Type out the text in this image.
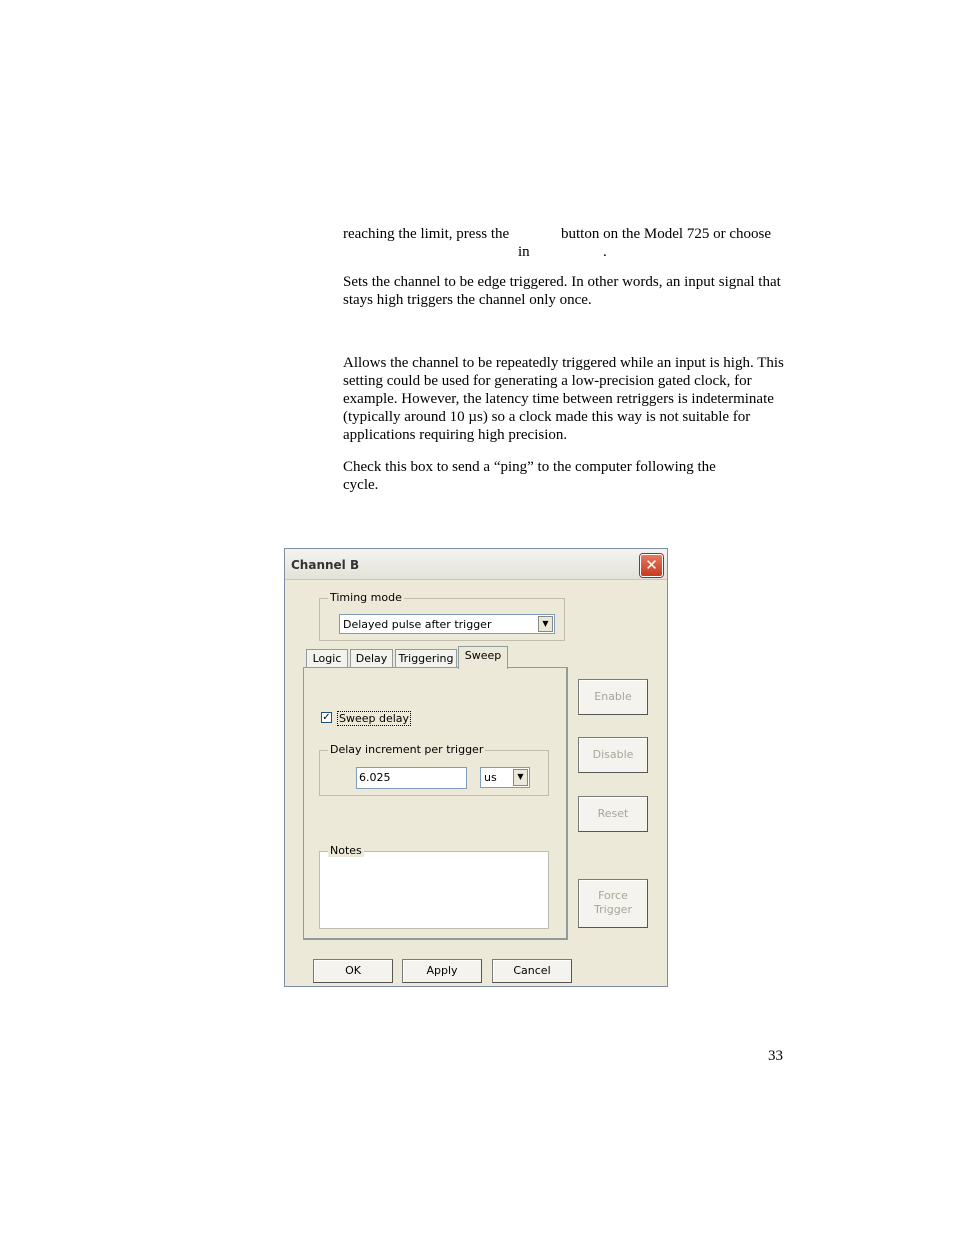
reaching the limit, press the	button on the Model 725 or choose
in	.

Sets the channel to be edge triggered. In other words, an input signal that stays high triggers the channel only once.

Allows the channel to be repeatedly triggered while an input is high. This setting could be used for generating a low-precision gated clock, for example. However, the latency time between retriggers is indeterminate (typically around 10 µs) so a clock made this way is not suitable for applications requiring high precision.

Check this box to send a “ping” to the computer following the cycle.

Channel B	✕
Timing mode
Delayed pulse after trigger	▼
Logic	Delay	Triggering	Sweep
✓ Sweep delay
Delay increment per trigger
6.025	us	▼
Notes
Enable
Disable
Reset
Force
Trigger
OK	Apply	Cancel
33
